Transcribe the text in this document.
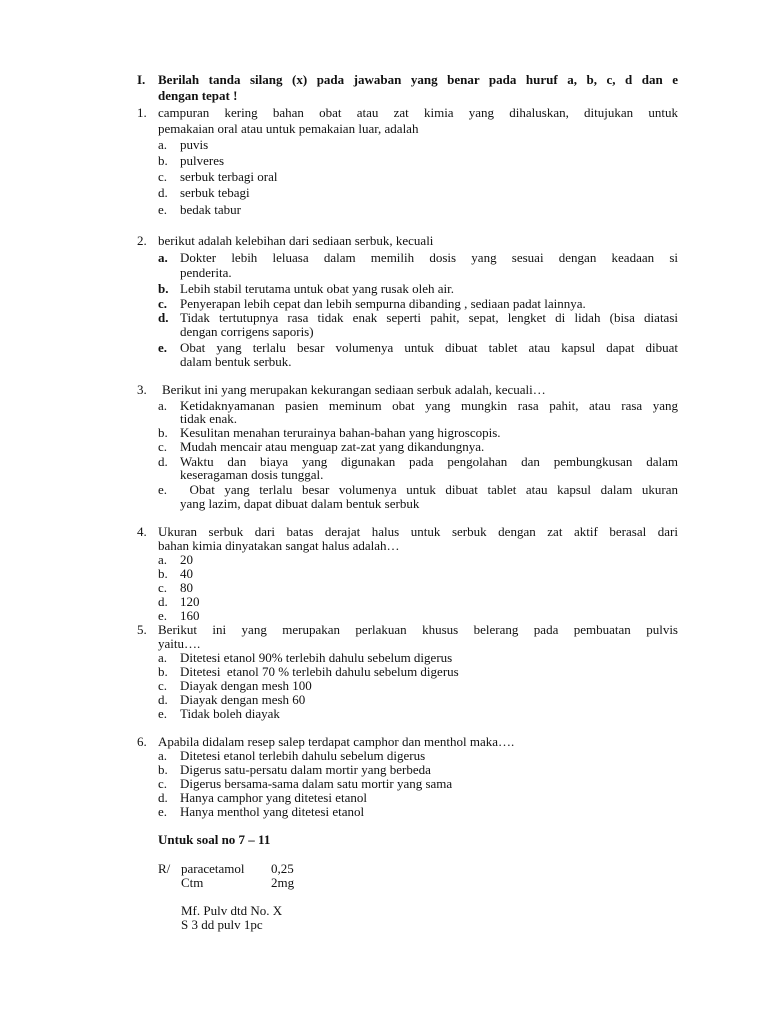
I. Berilah tanda silang (x) pada jawaban yang benar pada huruf a, b, c, d dan e
dengan tepat !
1. campuran kering bahan obat atau zat kimia yang dihaluskan, ditujukan untuk
pemakaian oral atau untuk pemakaian luar, adalah
a. puvis
b. pulveres
c. serbuk terbagi oral
d. serbuk tebagi
e. bedak tabur
2. berikut adalah kelebihan dari sediaan serbuk, kecuali
a. Dokter lebih leluasa dalam memilih dosis yang sesuai dengan keadaan si
penderita.
b. Lebih stabil terutama untuk obat yang rusak oleh air.
c. Penyerapan lebih cepat dan lebih sempurna dibanding , sediaan padat lainnya.
d. Tidak tertutupnya rasa tidak enak seperti pahit, sepat, lengket di lidah (bisa diatasi
dengan corrigens saporis)
e. Obat yang terlalu besar volumenya untuk dibuat tablet atau kapsul dapat dibuat
dalam bentuk serbuk.
3. Berikut ini yang merupakan kekurangan sediaan serbuk adalah, kecuali…
a. Ketidaknyamanan pasien meminum obat yang mungkin rasa pahit, atau rasa yang
tidak enak.
b. Kesulitan menahan terurainya bahan-bahan yang higroscopis.
c. Mudah mencair atau menguap zat-zat yang dikandungnya.
d. Waktu dan biaya yang digunakan pada pengolahan dan pembungkusan dalam
keseragaman dosis tunggal.
e. Obat yang terlalu besar volumenya untuk dibuat tablet atau kapsul dalam ukuran
yang lazim, dapat dibuat dalam bentuk serbuk
4. Ukuran serbuk dari batas derajat halus untuk serbuk dengan zat aktif berasal dari
bahan kimia dinyatakan sangat halus adalah…
a. 20
b. 40
c. 80
d. 120
e. 160
5. Berikut ini yang merupakan perlakuan khusus belerang pada pembuatan pulvis
yaitu….
a. Ditetesi etanol 90% terlebih dahulu sebelum digerus
b. Ditetesi  etanol 70 % terlebih dahulu sebelum digerus
c. Diayak dengan mesh 100
d. Diayak dengan mesh 60
e. Tidak boleh diayak
6. Apabila didalam resep salep terdapat camphor dan menthol maka….
a. Ditetesi etanol terlebih dahulu sebelum digerus
b. Digerus satu-persatu dalam mortir yang berbeda
c. Digerus bersama-sama dalam satu mortir yang sama
d. Hanya camphor yang ditetesi etanol
e. Hanya menthol yang ditetesi etanol
Untuk soal no 7 – 11
R/ paracetamol 0,25
Ctm	2mg
Mf. Pulv dtd No. X
S 3 dd pulv 1pc
